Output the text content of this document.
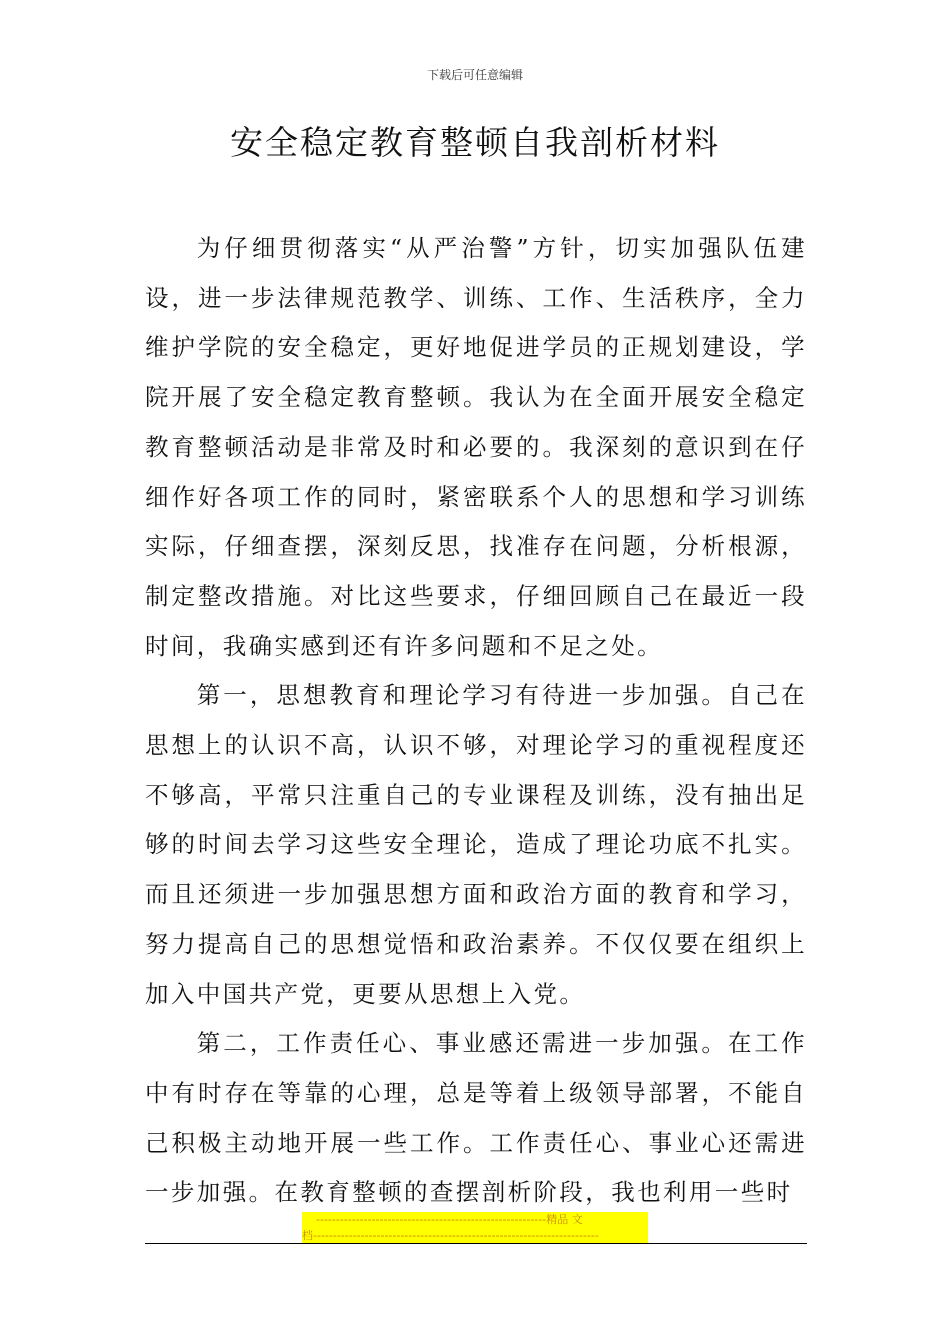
下载后可任意编辑
安全稳定教育整顿自我剖析材料

为仔细贯彻落实“从严治警”方针，切实加强队伍建设，进一步法律规范教学、训练、工作、生活秩序，全力维护学院的安全稳定，更好地促进学员的正规划建设，学院开展了安全稳定教育整顿。我认为在全面开展安全稳定教育整顿活动是非常及时和必要的。我深刻的意识到在仔细作好各项工作的同时，紧密联系个人的思想和学习训练实际，仔细查摆，深刻反思，找准存在问题，分析根源，制定整改措施。对比这些要求，仔细回顾自己在最近一段时间，我确实感到还有许多问题和不足之处。

第一，思想教育和理论学习有待进一步加强。自己在思想上的认识不高，认识不够，对理论学习的重视程度还不够高，平常只注重自己的专业课程及训练，没有抽出足够的时间去学习这些安全理论，造成了理论功底不扎实。而且还须进一步加强思想方面和政治方面的教育和学习，努力提高自己的思想觉悟和政治素养。不仅仅要在组织上加入中国共产党，更要从思想上入党。

第二，工作责任心、事业感还需进一步加强。在工作中有时存在等靠的心理，总是等着上级领导部署，不能自己积极主动地开展一些工作。工作责任心、事业心还需进一步加强。在教育整顿的查摆剖析阶段，我也利用一些时

----------------------------------------------------------精品 文
档------------------------------------------------------------------------
